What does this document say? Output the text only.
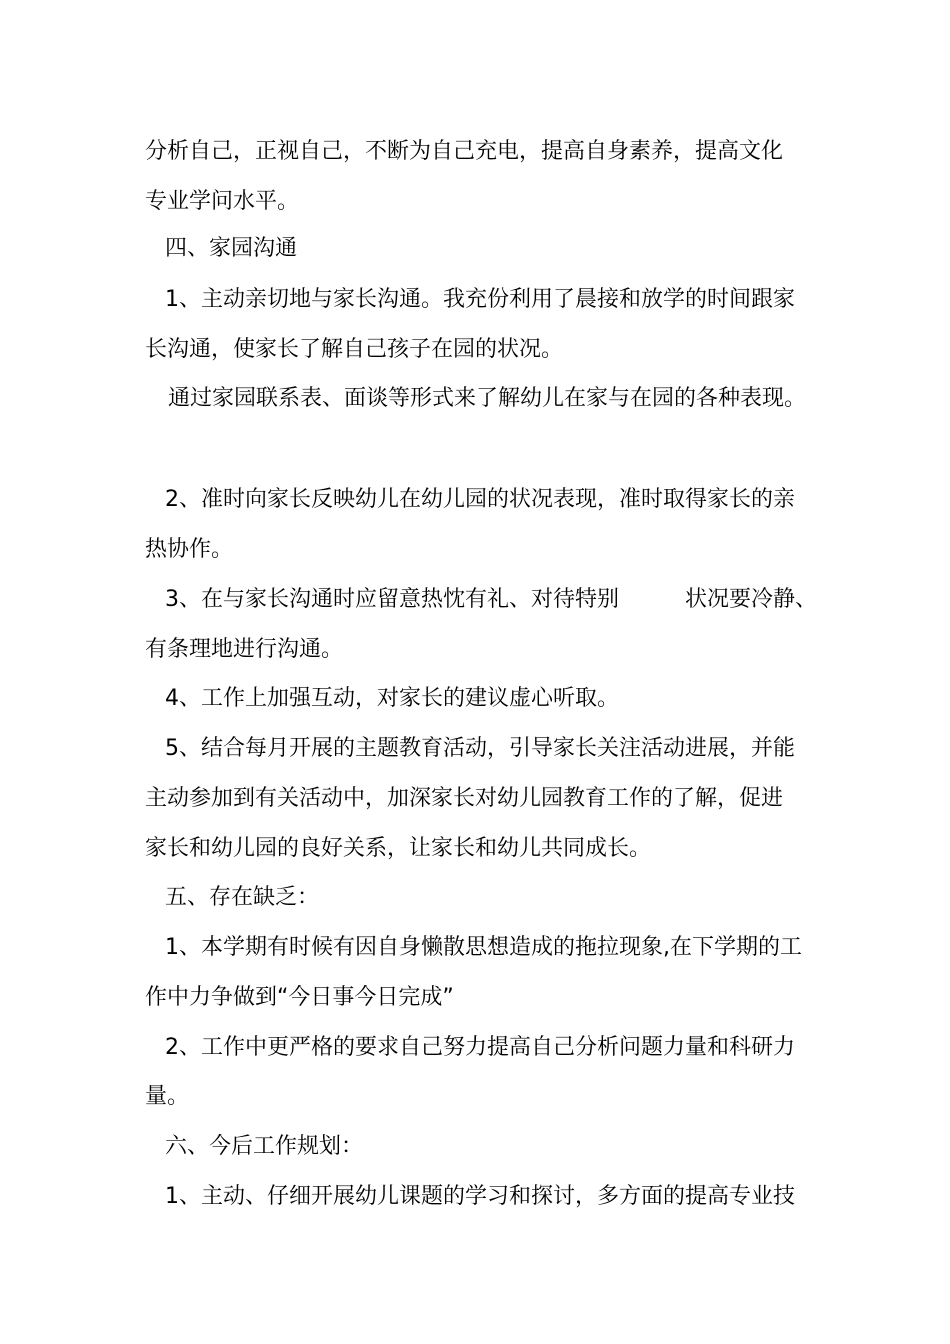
分析自己，正视自己，不断为自己充电，提高自身素养，提高文化
专业学问水平。
四、家园沟通
1、主动亲切地与家长沟通。我充份利用了晨接和放学的时间跟家
长沟通，使家长了解自己孩子在园的状况。
通过家园联系表、面谈等形式来了解幼儿在家与在园的各种表现。
2、准时向家长反映幼儿在幼儿园的状况表现，准时取得家长的亲
热协作。
3、在与家长沟通时应留意热忱有礼、对待特别　　　状况要冷静、
有条理地进行沟通。
4、工作上加强互动，对家长的建议虚心听取。
5、结合每月开展的主题教育活动，引导家长关注活动进展，并能
主动参加到有关活动中，加深家长对幼儿园教育工作的了解，促进
家长和幼儿园的良好关系，让家长和幼儿共同成长。
五、存在缺乏：
1、本学期有时候有因自身懒散思想造成的拖拉现象,在下学期的工
作中力争做到“今日事今日完成”
2、工作中更严格的要求自己努力提高自己分析问题力量和科研力
量。
六、今后工作规划：
1、主动、仔细开展幼儿课题的学习和探讨，多方面的提高专业技
